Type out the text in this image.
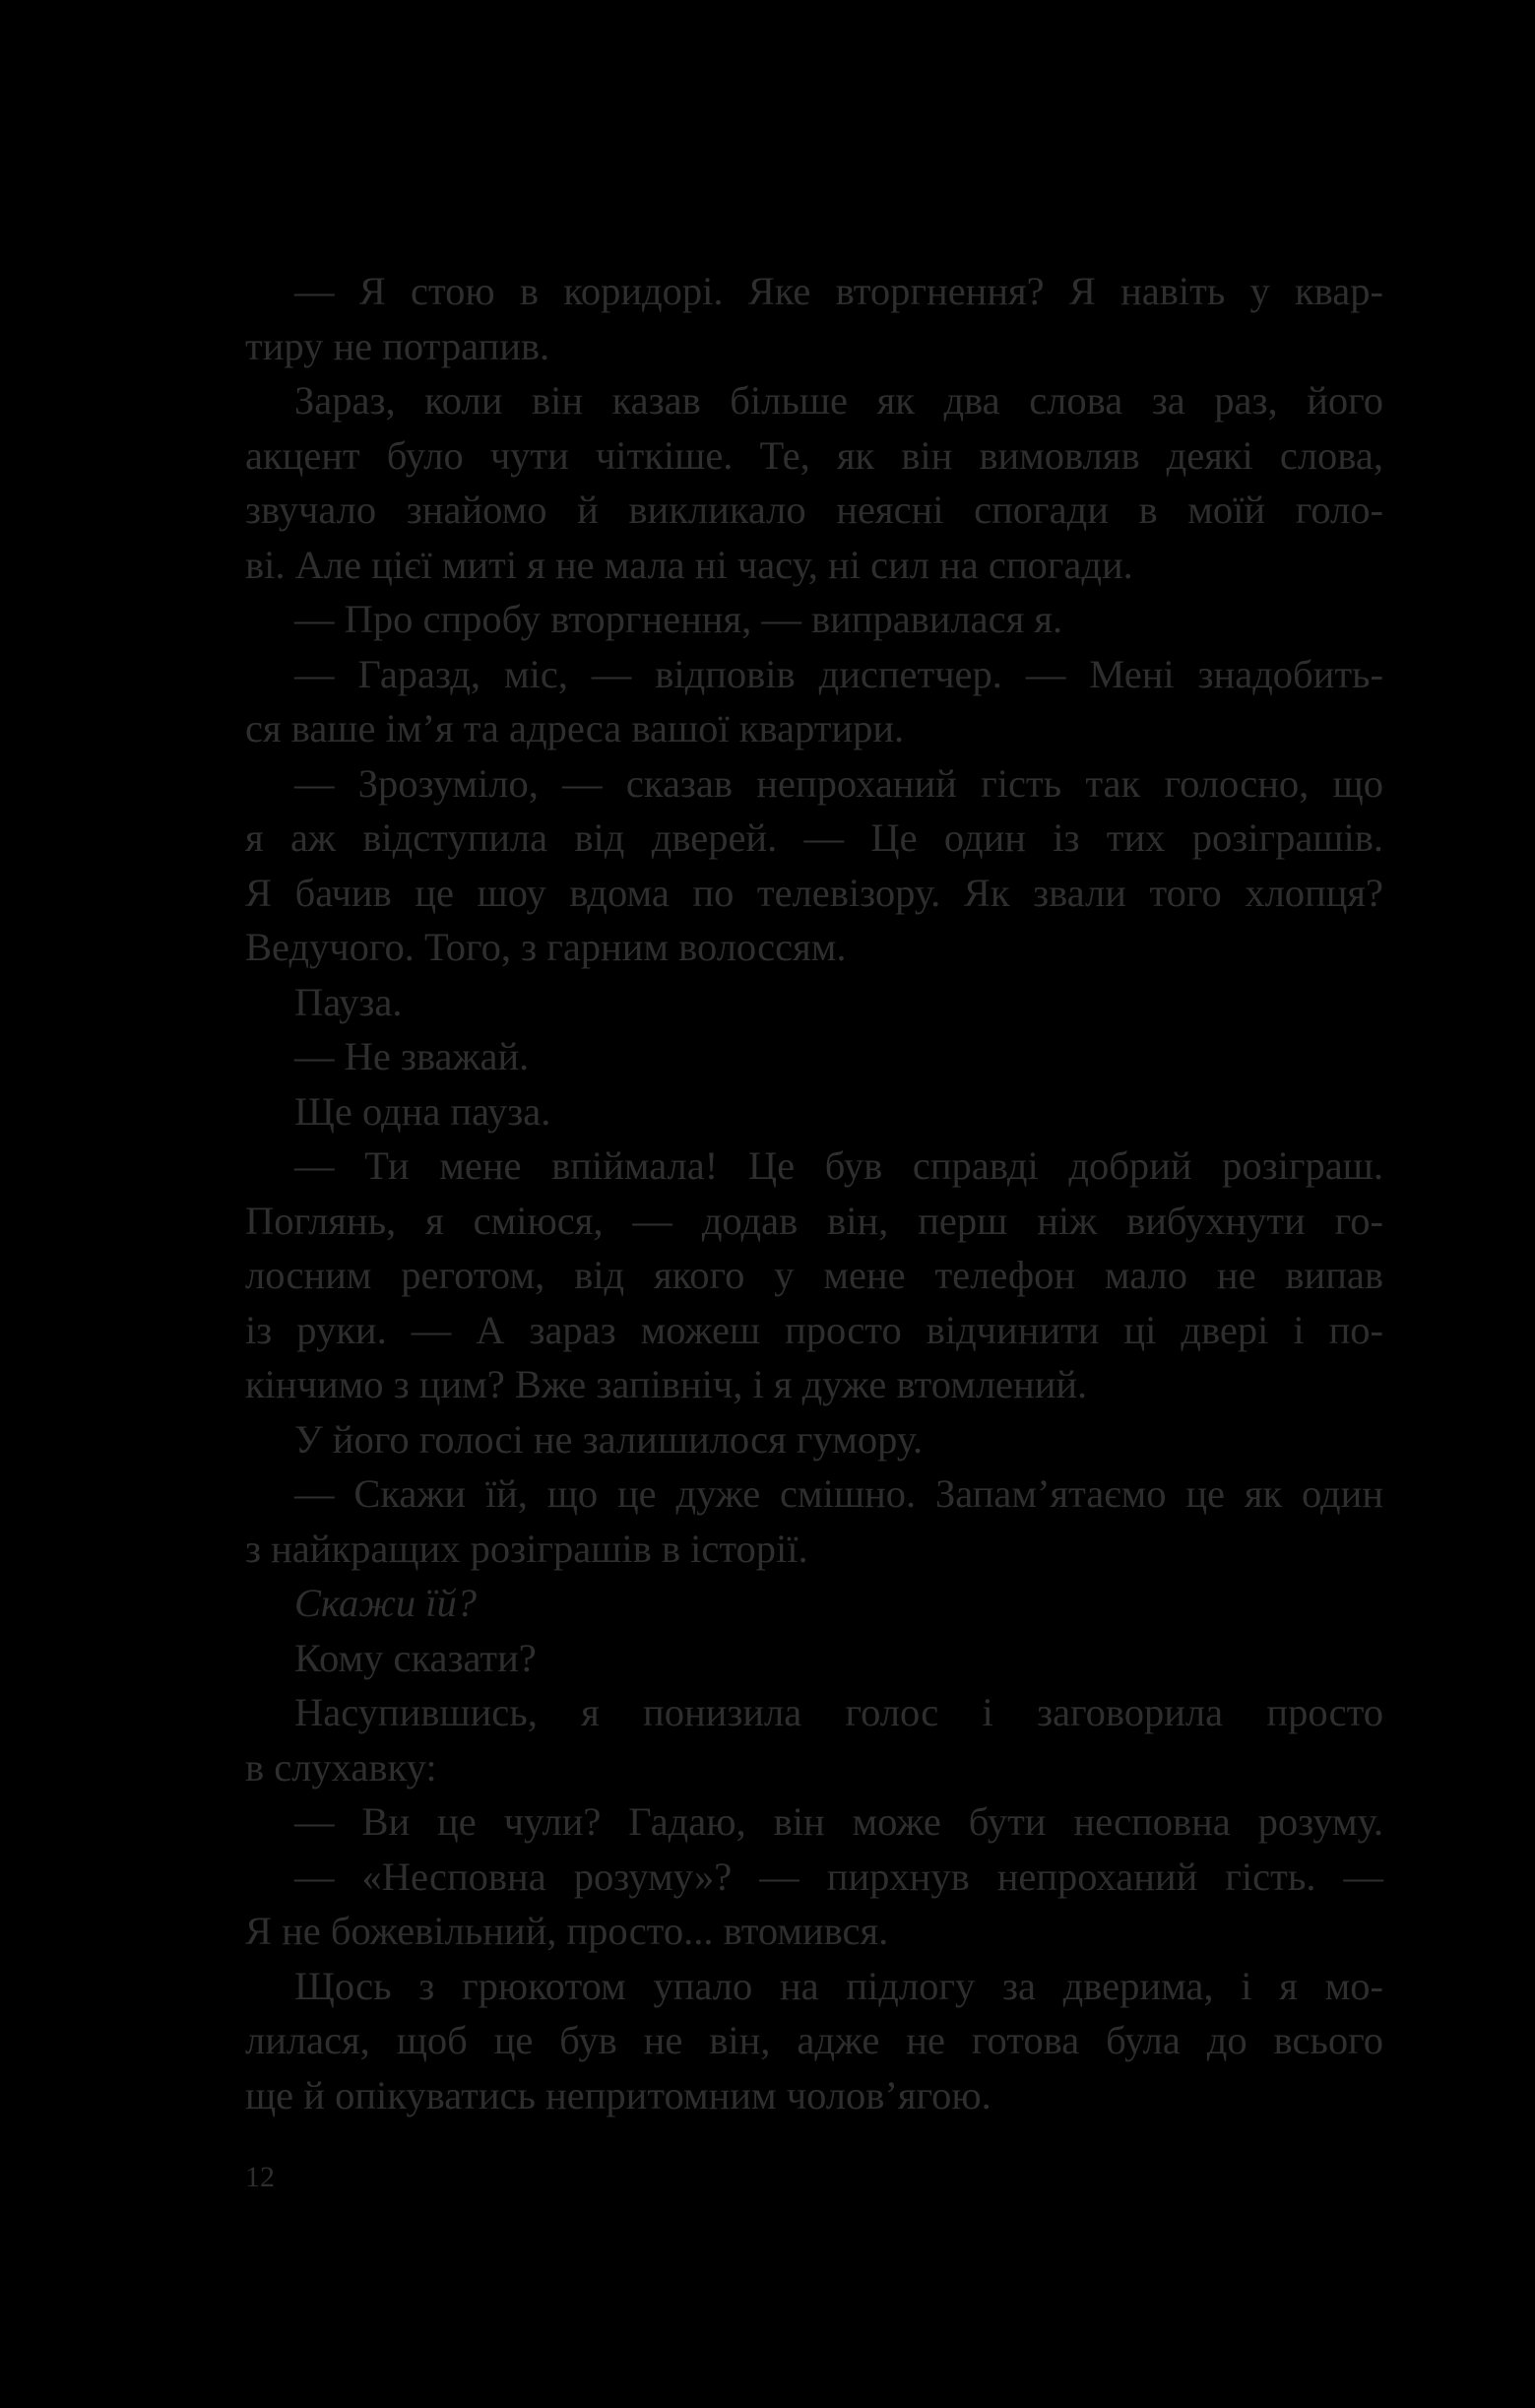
— Я стою в коридорі. Яке вторгнення? Я навіть у квар-
тиру не потрапив.
Зараз, коли він казав більше як два слова за раз, його
акцент було чути чіткіше. Те, як він вимовляв деякі слова,
звучало знайомо й викликало неясні спогади в моїй голо-
ві. Але цієї миті я не мала ні часу, ні сил на спогади.
— Про спробу вторгнення, — виправилася я.
— Гаразд, міс, — відповів диспетчер. — Мені знадобить-
ся ваше ім’я та адреса вашої квартири.
— Зрозуміло, — сказав непроханий гість так голосно, що
я аж відступила від дверей. — Це один із тих розіграшів.
Я бачив це шоу вдома по телевізору. Як звали того хлопця?
Ведучого. Того, з гарним волоссям.
Пауза.
— Не зважай.
Ще одна пауза.
— Ти мене впіймала! Це був справді добрий розіграш.
Поглянь, я сміюся, — додав він, перш ніж вибухнути го-
лосним реготом, від якого у мене телефон мало не випав
із руки. — А зараз можеш просто відчинити ці двері і по-
кінчимо з цим? Вже запівніч, і я дуже втомлений.
У його голосі не залишилося гумору.
— Скажи їй, що це дуже смішно. Запам’ятаємо це як один
з найкращих розіграшів в історії.
Скажи їй?
Кому сказати?
Насупившись, я понизила голос і заговорила просто
в слухавку:
— Ви це чули? Гадаю, він може бути несповна розуму.
— «Несповна розуму»? — пирхнув непроханий гість. —
Я не божевільний, просто... втомився.
Щось з грюкотом упало на підлогу за дверима, і я мо-
лилася, щоб це був не він, адже не готова була до всього
ще й опікуватись непритомним чолов’ягою.
12
